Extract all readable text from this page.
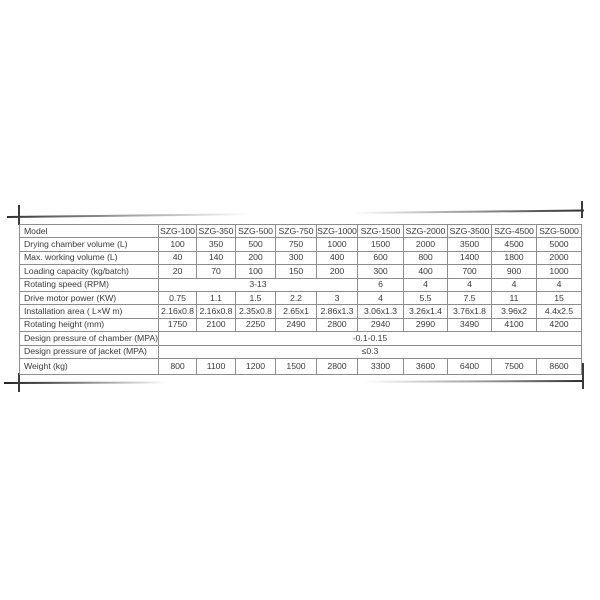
Model	SZG-100	SZG-350	SZG-500	SZG-750	SZG-1000	SZG-1500	SZG-2000	SZG-3500	SZG-4500	SZG-5000
Drying chamber volume (L)	100	350	500	750	1000	1500	2000	3500	4500	5000
Max. working volume (L)	40	140	200	300	400	600	800	1400	1800	2000
Loading capacity (kg/batch)	20	70	100	150	200	300	400	700	900	1000
Rotating speed (RPM)	3-13					6	4	4	4	4
Drive motor power (KW)	0.75	1.1	1.5	2.2	3	4	5.5	7.5	11	15
Installation area ( L×W m)	2.16x0.8	2.16x0.8	2.35x0.8	2.65x1	2.86x1.3	3.06x1.3	3.26x1.4	3.76x1.8	3.96x2	4.4x2.5
Rotating height (mm)	1750	2100	2250	2490	2800	2940	2990	3490	4100	4200
Design pressure of chamber (MPA)	-0.1-0.15									
Design pressure of jacket (MPA)	≤0.3									
Weight (kg)	800	1100	1200	1500	2800	3300	3600	6400	7500	8600
